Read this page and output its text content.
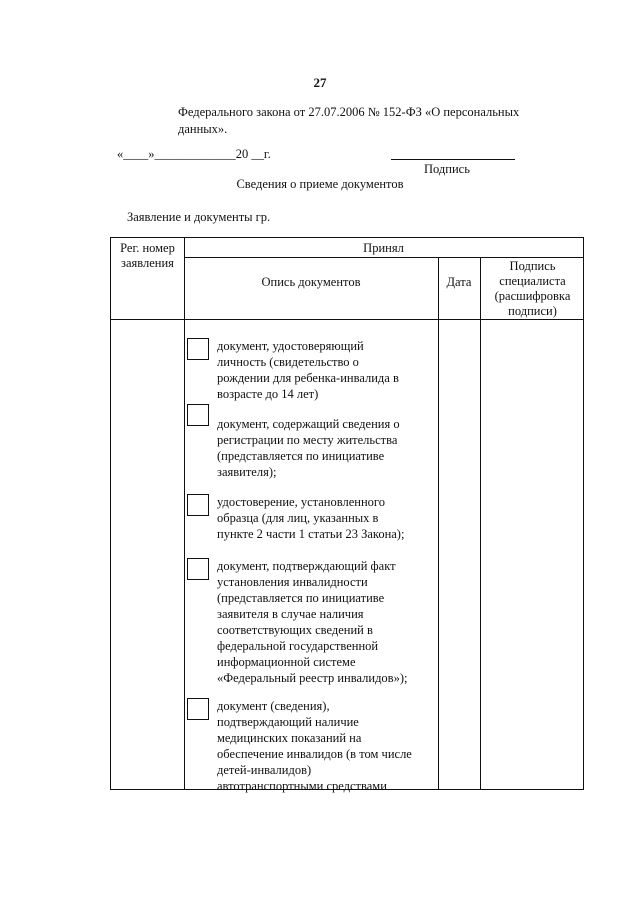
27
Федерального закона от 27.07.2006 № 152-ФЗ «О персональных
данных».
«____»_____________20 __г.
Подпись
Сведения о приеме документов
Заявление и документы гр.
Рег. номер
заявления
Принял
Опись документов	Дата
Подпись
специалиста
(расшифровка
подписи)
документ, удостоверяющий
личность (свидетельство о
рождении для ребенка-инвалида в
возрасте до 14 лет)
документ, содержащий сведения о
регистрации по месту жительства
(представляется по инициативе
заявителя);
удостоверение, установленного
образца (для лиц, указанных в
пункте 2 части 1 статьи 23 Закона);
документ, подтверждающий факт
установления инвалидности
(представляется по инициативе
заявителя в случае наличия
соответствующих сведений в
федеральной государственной
информационной системе
«Федеральный реестр инвалидов»);
документ (сведения),
подтверждающий наличие
медицинских показаний на
обеспечение инвалидов (в том числе
детей-инвалидов)
автотранспортными средствами
